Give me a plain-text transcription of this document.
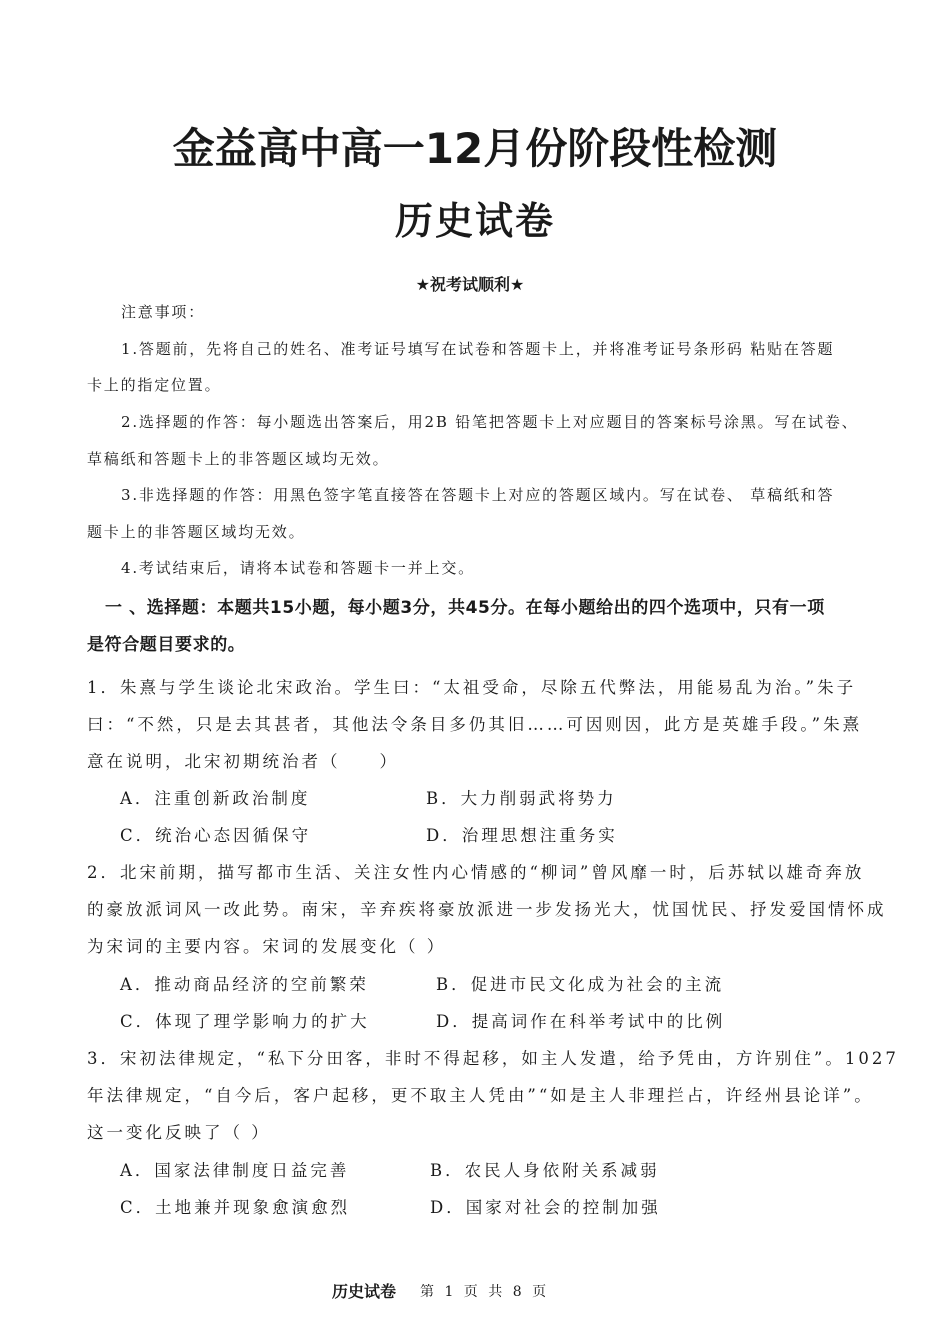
金益高中高一12月份阶段性检测
历史试卷
★祝考试顺利★
注意事项：
1.答题前，先将自己的姓名、准考证号填写在试卷和答题卡上，并将准考证号条形码 粘贴在答题
卡上的指定位置。
2.选择题的作答：每小题选出答案后，用2B 铅笔把答题卡上对应题目的答案标号涂黑。写在试卷、
草稿纸和答题卡上的非答题区域均无效。
3.非选择题的作答：用黑色签字笔直接答在答题卡上对应的答题区域内。写在试卷、 草稿纸和答
题卡上的非答题区域均无效。
4.考试结束后，请将本试卷和答题卡一并上交。
一 、选择题：本题共15小题，每小题3分，共45分。在每小题给出的四个选项中，只有一项
是符合题目要求的。
1．朱熹与学生谈论北宋政治。学生曰：“太祖受命，尽除五代弊法，用能易乱为治。”朱子
曰：“不然，只是去其甚者，其他法令条目多仍其旧……可因则因，此方是英雄手段。”朱熹
意在说明，北宋初期统治者（　　）
A．注重创新政治制度	B．大力削弱武将势力
C．统治心态因循保守	D．治理思想注重务实
2．北宋前期，描写都市生活、关注女性内心情感的“柳词”曾风靡一时，后苏轼以雄奇奔放
的豪放派词风一改此势。南宋，辛弃疾将豪放派进一步发扬光大，忧国忧民、抒发爱国情怀成
为宋词的主要内容。宋词的发展变化（ ）
A．推动商品经济的空前繁荣	B．促进市民文化成为社会的主流
C．体现了理学影响力的扩大	D．提高词作在科举考试中的比例
3．宋初法律规定，“私下分田客，非时不得起移，如主人发遣，给予凭由，方许别住”。1027
年法律规定，“自今后，客户起移，更不取主人凭由”“如是主人非理拦占，许经州县论详”。
这一变化反映了（ ）
A．国家法律制度日益完善	B．农民人身依附关系减弱
C．土地兼并现象愈演愈烈	D．国家对社会的控制加强
历史试卷 第 1 页 共 8 页
